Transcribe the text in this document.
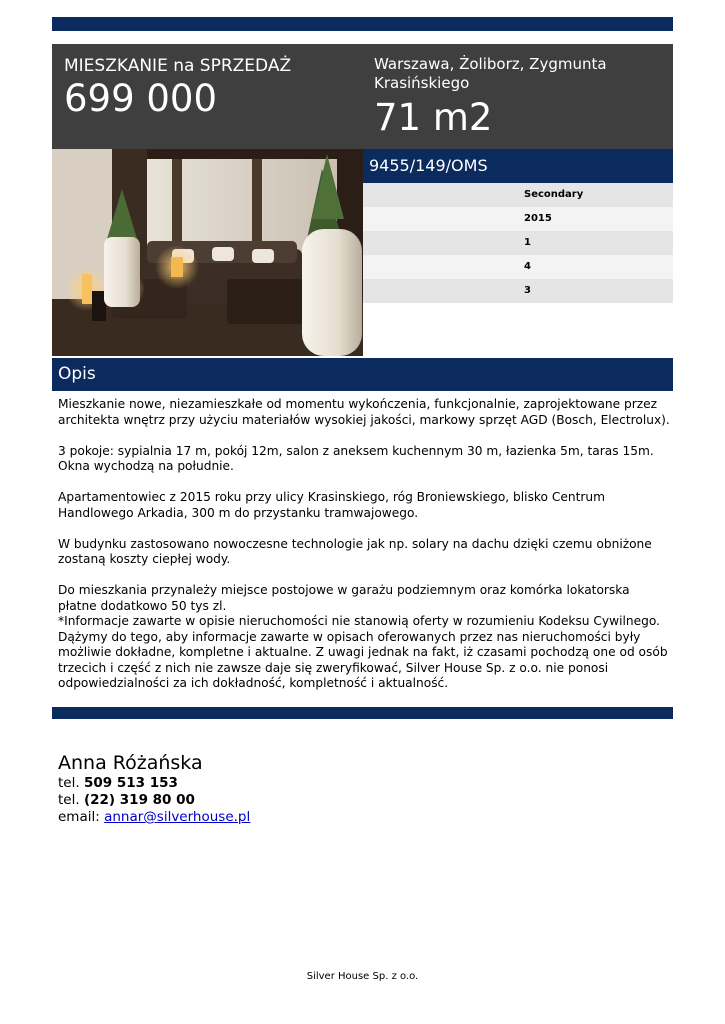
MIESZKANIE na SPRZEDAŻ
699 000
Warszawa, Żoliborz, Zygmunta Krasińskiego
71 m2
9455/149/OMS
Secondary
2015
1
4
3
Opis

Mieszkanie nowe, niezamieszkałe od momentu wykończenia, funkcjonalnie, zaprojektowane przez architekta wnętrz przy użyciu materiałów wysokiej jakości, markowy sprzęt AGD (Bosch, Electrolux).

3 pokoje: sypialnia 17 m, pokój 12m, salon z aneksem kuchennym 30 m, łazienka 5m, taras 15m. Okna wychodzą na południe.

Apartamentowiec z 2015 roku przy ulicy Krasinskiego, róg Broniewskiego, blisko Centrum Handlowego Arkadia, 300 m do przystanku tramwajowego.

W budynku zastosowano nowoczesne technologie jak np. solary na dachu dzięki czemu obniżone zostaną koszty ciepłej wody.

Do mieszkania przynależy miejsce postojowe w garażu podziemnym oraz komórka lokatorska płatne dodatkowo 50 tys zl.

*Informacje zawarte w opisie nieruchomości nie stanowią oferty w rozumieniu Kodeksu Cywilnego. Dążymy do tego, aby informacje zawarte w opisach oferowanych przez nas nieruchomości były możliwie dokładne, kompletne i aktualne. Z uwagi jednak na fakt, iż czasami pochodzą one od osób trzecich i część z nich nie zawsze daje się zweryfikować, Silver House Sp. z o.o. nie ponosi odpowiedzialności za ich dokładność, kompletność i aktualność.

Anna Różańska
tel. 509 513 153
tel. (22) 319 80 00
email: annar@silverhouse.pl
Silver House Sp. z o.o.
